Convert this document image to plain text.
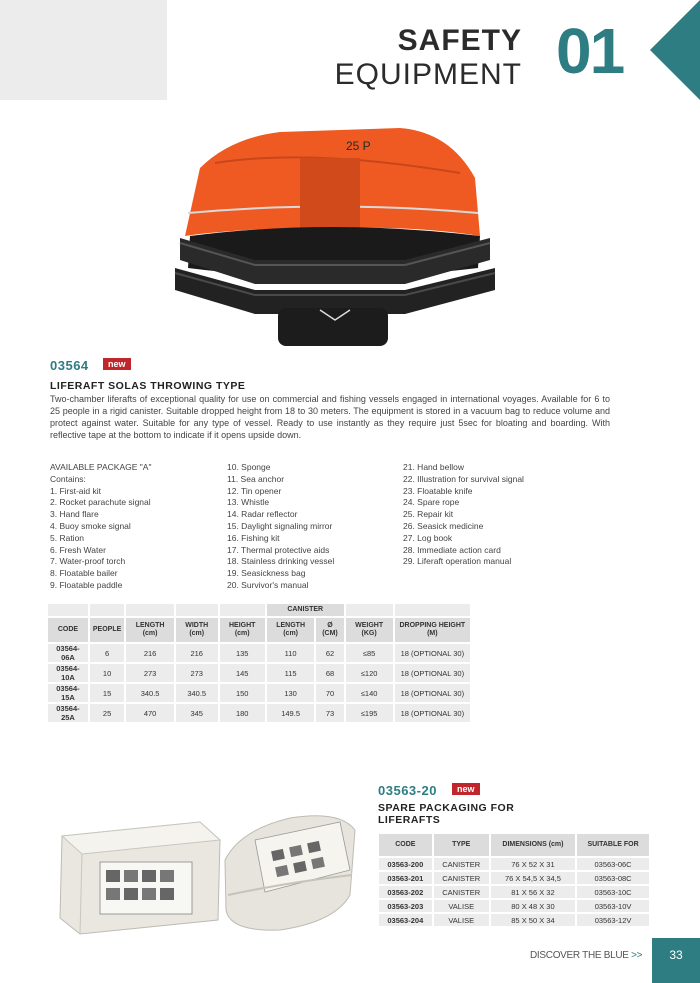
SAFETY
EQUIPMENT 01
25 P
03564	new
LIFERAFT SOLAS THROWING TYPE
Two-chamber liferafts of exceptional quality for use on commercial and fishing vessels engaged in international voyages. Available for 6 to 25 people in a rigid canister. Suitable dropped height from 18 to 30 meters. The equipment is stored in a vacuum bag to reduce volume and protect against water. Suitable for any type of vessel. Ready to use instantly as they require just 5sec for bloating and boarding. With reflective tape at the bottom to indicate if it opens upside down.
AVAILABLE PACKAGE "A"
Contains:
1. First-aid kit
2. Rocket parachute signal
3. Hand flare
4. Buoy smoke signal
5. Ration
6. Fresh Water
7. Water-proof torch
8. Floatable bailer
9. Floatable paddle
10. Sponge
11. Sea anchor
12. Tin opener
13. Whistle
14. Radar reflector
15. Daylight signaling mirror
16. Fishing kit
17. Thermal protective aids
18. Stainless drinking vessel
19. Seasickness bag
20. Survivor's manual
21. Hand bellow
22. Illustration for survival signal
23. Floatable knife
24. Spare rope
25. Repair kit
26. Seasick medicine
27. Log book
28. Immediate action card
29. Liferaft operation manual
					CANISTER			
CODE	PEOPLE	LENGTH (cm)	WIDTH (cm)	HEIGHT (cm)	LENGTH (cm)	Ø (CM)	WEIGHT (KG)	DROPPING HEIGHT (M)
03564-06A	6	216	216	135	110	62	≤85	18 (OPTIONAL 30)
03564-10A	10	273	273	145	115	68	≤120	18 (OPTIONAL 30)
03564-15A	15	340.5	340.5	150	130	70	≤140	18 (OPTIONAL 30)
03564-25A	25	470	345	180	149.5	73	≤195	18 (OPTIONAL 30)
03563-20	new
SPARE PACKAGING FOR
LIFERAFTS
CODE	TYPE	DIMENSIONS (cm)	SUITABLE FOR
03563-200	CANISTER	76 X 52 X 31	03563-06C
03563-201	CANISTER	76 X 54,5 X 34,5	03563-08C
03563-202	CANISTER	81 X 56 X 32	03563-10C
03563-203	VALISE	80 X 48 X 30	03563-10V
03563-204	VALISE	85 X 50 X 34	03563-12V
DISCOVER THE BLUE >>	33
